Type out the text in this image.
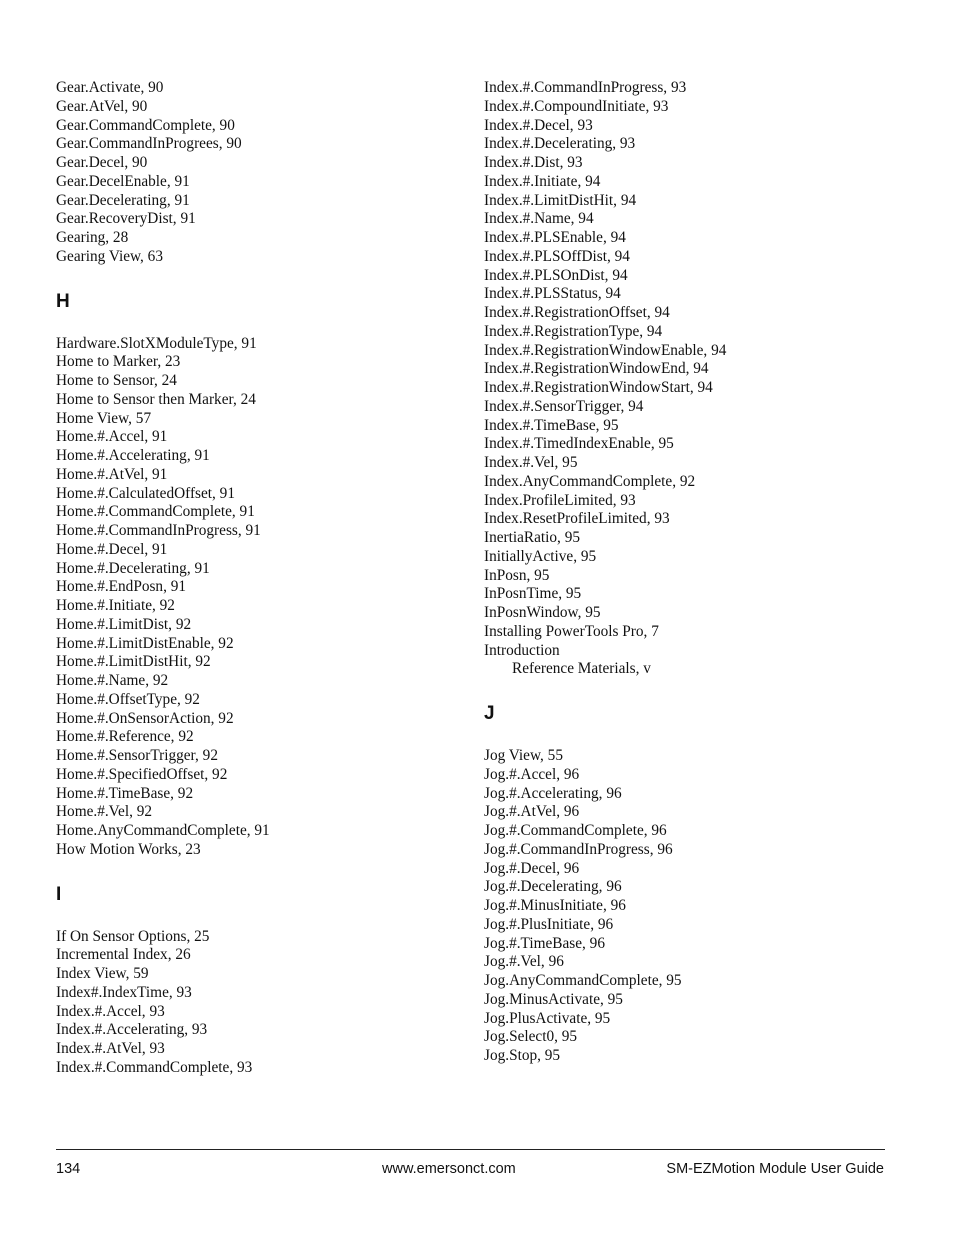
Gear.Activate, 90
Gear.AtVel, 90
Gear.CommandComplete, 90
Gear.CommandInProgrees, 90
Gear.Decel, 90
Gear.DecelEnable, 91
Gear.Decelerating, 91
Gear.RecoveryDist, 91
Gearing, 28
Gearing View, 63
H
Hardware.SlotXModuleType, 91
Home to Marker, 23
Home to Sensor, 24
Home to Sensor then Marker, 24
Home View, 57
Home.#.Accel, 91
Home.#.Accelerating, 91
Home.#.AtVel, 91
Home.#.CalculatedOffset, 91
Home.#.CommandComplete, 91
Home.#.CommandInProgress, 91
Home.#.Decel, 91
Home.#.Decelerating, 91
Home.#.EndPosn, 91
Home.#.Initiate, 92
Home.#.LimitDist, 92
Home.#.LimitDistEnable, 92
Home.#.LimitDistHit, 92
Home.#.Name, 92
Home.#.OffsetType, 92
Home.#.OnSensorAction, 92
Home.#.Reference, 92
Home.#.SensorTrigger, 92
Home.#.SpecifiedOffset, 92
Home.#.TimeBase, 92
Home.#.Vel, 92
Home.AnyCommandComplete, 91
How Motion Works, 23
I
If On Sensor Options, 25
Incremental Index, 26
Index View, 59
Index#.IndexTime, 93
Index.#.Accel, 93
Index.#.Accelerating, 93
Index.#.AtVel, 93
Index.#.CommandComplete, 93
Index.#.CommandInProgress, 93
Index.#.CompoundInitiate, 93
Index.#.Decel, 93
Index.#.Decelerating, 93
Index.#.Dist, 93
Index.#.Initiate, 94
Index.#.LimitDistHit, 94
Index.#.Name, 94
Index.#.PLSEnable, 94
Index.#.PLSOffDist, 94
Index.#.PLSOnDist, 94
Index.#.PLSStatus, 94
Index.#.RegistrationOffset, 94
Index.#.RegistrationType, 94
Index.#.RegistrationWindowEnable, 94
Index.#.RegistrationWindowEnd, 94
Index.#.RegistrationWindowStart, 94
Index.#.SensorTrigger, 94
Index.#.TimeBase, 95
Index.#.TimedIndexEnable, 95
Index.#.Vel, 95
Index.AnyCommandComplete, 92
Index.ProfileLimited, 93
Index.ResetProfileLimited, 93
InertiaRatio, 95
InitiallyActive, 95
InPosn, 95
InPosnTime, 95
InPosnWindow, 95
Installing PowerTools Pro, 7
Introduction
Reference Materials, v
J
Jog View, 55
Jog.#.Accel, 96
Jog.#.Accelerating, 96
Jog.#.AtVel, 96
Jog.#.CommandComplete, 96
Jog.#.CommandInProgress, 96
Jog.#.Decel, 96
Jog.#.Decelerating, 96
Jog.#.MinusInitiate, 96
Jog.#.PlusInitiate, 96
Jog.#.TimeBase, 96
Jog.#.Vel, 96
Jog.AnyCommandComplete, 95
Jog.MinusActivate, 95
Jog.PlusActivate, 95
Jog.Select0, 95
Jog.Stop, 95
134	www.emersonct.com	SM-EZMotion Module User Guide
